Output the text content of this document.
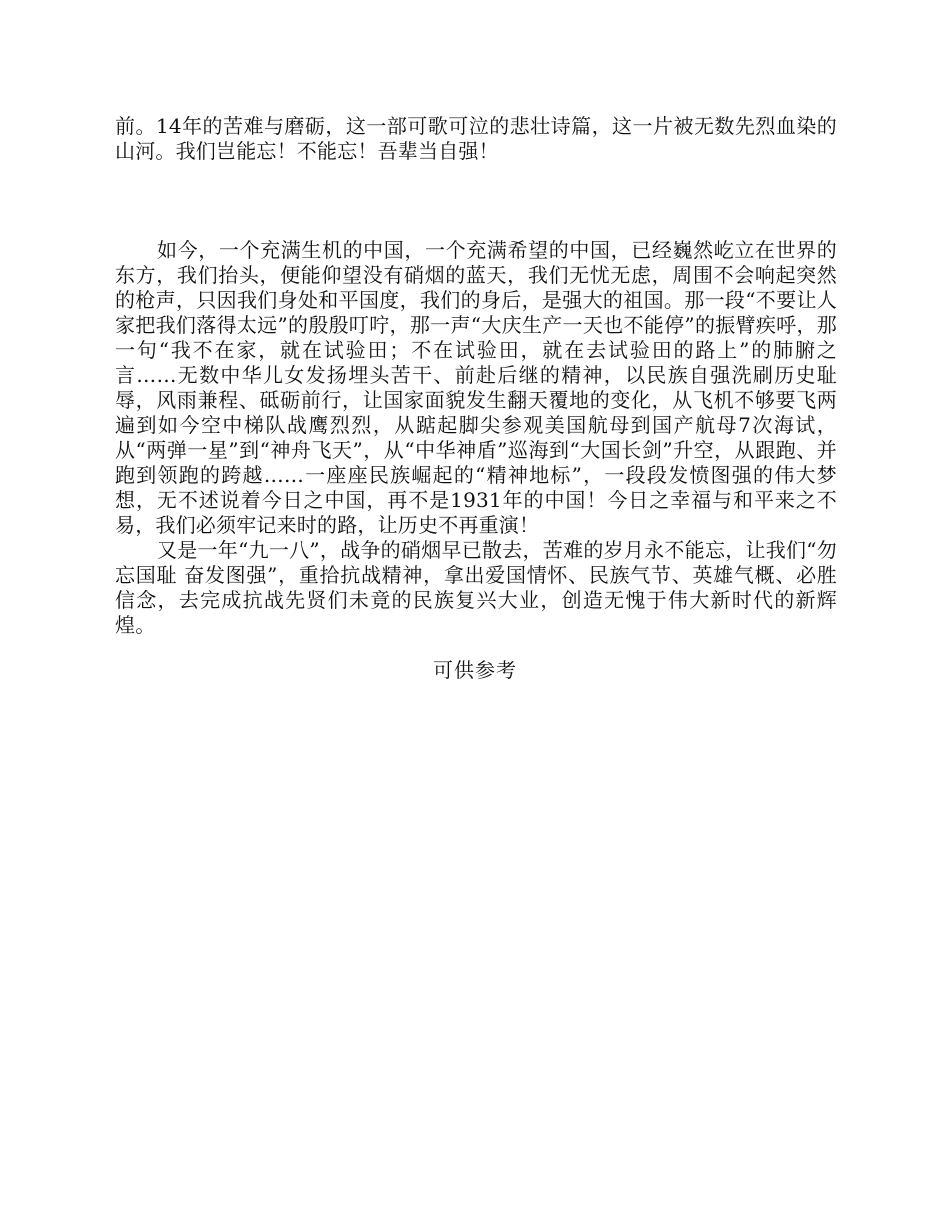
前。14年的苦难与磨砺，这一部可歌可泣的悲壮诗篇，这一片被无数先烈血染的山河。我们岂能忘！不能忘！吾辈当自强！

如今，一个充满生机的中国，一个充满希望的中国，已经巍然屹立在世界的东方，我们抬头，便能仰望没有硝烟的蓝天，我们无忧无虑，周围不会响起突然的枪声，只因我们身处和平国度，我们的身后，是强大的祖国。那一段“不要让人家把我们落得太远”的殷殷叮咛，那一声“大庆生产一天也不能停”的振臂疾呼，那一句“我不在家，就在试验田；不在试验田，就在去试验田的路上”的肺腑之言……无数中华儿女发扬埋头苦干、前赴后继的精神，以民族自强洗刷历史耻辱，风雨兼程、砥砺前行，让国家面貌发生翻天覆地的变化，从飞机不够要飞两遍到如今空中梯队战鹰烈烈，从踮起脚尖参观美国航母到国产航母7次海试，从“两弹一星”到“神舟飞天”，从“中华神盾”巡海到“大国长剑”升空，从跟跑、并跑到领跑的跨越……一座座民族崛起的“精神地标”，一段段发愤图强的伟大梦想，无不述说着今日之中国，再不是1931年的中国！今日之幸福与和平来之不易，我们必须牢记来时的路，让历史不再重演！

又是一年“九一八”，战争的硝烟早已散去，苦难的岁月永不能忘，让我们“勿忘国耻 奋发图强”，重拾抗战精神，拿出爱国情怀、民族气节、英雄气概、必胜信念，去完成抗战先贤们未竟的民族复兴大业，创造无愧于伟大新时代的新辉煌。

可供参考
